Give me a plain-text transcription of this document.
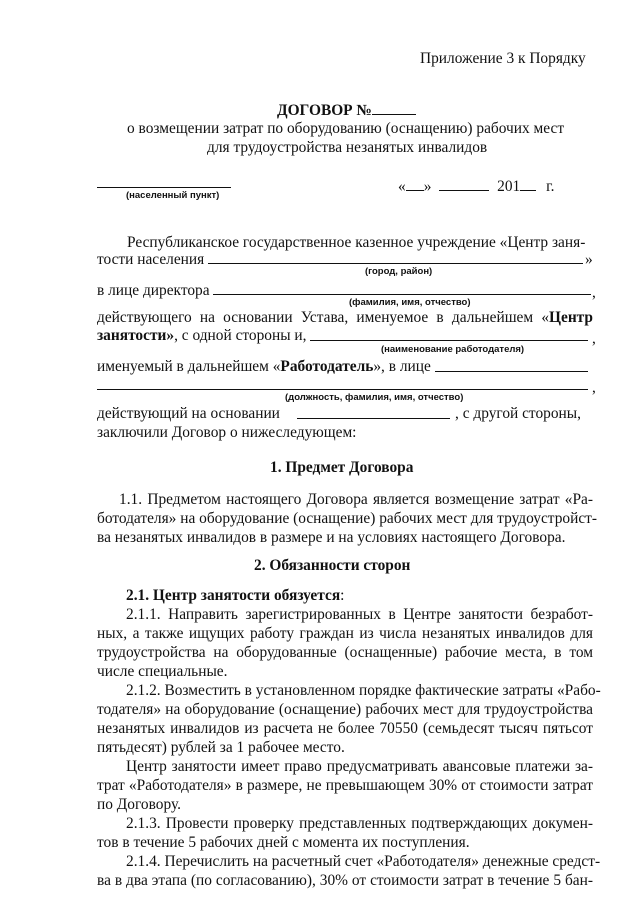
Приложение 3 к Порядку
ДОГОВОР №
о возмещении затрат по оборудованию (оснащению) рабочих мест
для трудоустройства незанятых инвалидов
(населенный пункт)
« »	201 г.
Республиканское государственное казенное учреждение «Центр заня-
тости населения	»
(город, район)
в лице директора	,
(фамилия, имя, отчество)
действующего на основании Устава, именуемое в дальнейшем «Центр
занятости», с одной стороны и,	,
(наименование работодателя)
именуемый в дальнейшем «Работодатель», в лице
,
(должность, фамилия, имя, отчество)
действующий на основании	, с другой стороны,
заключили Договор о нижеследующем:
1. Предмет Договора
1.1. Предметом настоящего Договора является возмещение затрат «Ра-
ботодателя» на оборудование (оснащение) рабочих мест для трудоустройст-
ва незанятых инвалидов в размере и на условиях настоящего Договора.
2. Обязанности сторон
2.1. Центр занятости обязуется:
2.1.1. Направить зарегистрированных в Центре занятости безработ-
ных, а также ищущих работу граждан из числа незанятых инвалидов для
трудоустройства на оборудованные (оснащенные) рабочие места, в том
числе специальные.
2.1.2. Возместить в установленном порядке фактические затраты «Рабо-
тодателя» на оборудование (оснащение) рабочих мест для трудоустройства
незанятых инвалидов из расчета не более 70550 (семьдесят тысяч пятьсот
пятьдесят) рублей за 1 рабочее место.
Центр занятости имеет право предусматривать авансовые платежи за-
трат «Работодателя» в размере, не превышающем 30% от стоимости затрат
по Договору.
2.1.3. Провести проверку представленных подтверждающих докумен-
тов в течение 5 рабочих дней с момента их поступления.
2.1.4. Перечислить на расчетный счет «Работодателя» денежные средст-
ва в два этапа (по согласованию), 30% от стоимости затрат в течение 5 бан-
